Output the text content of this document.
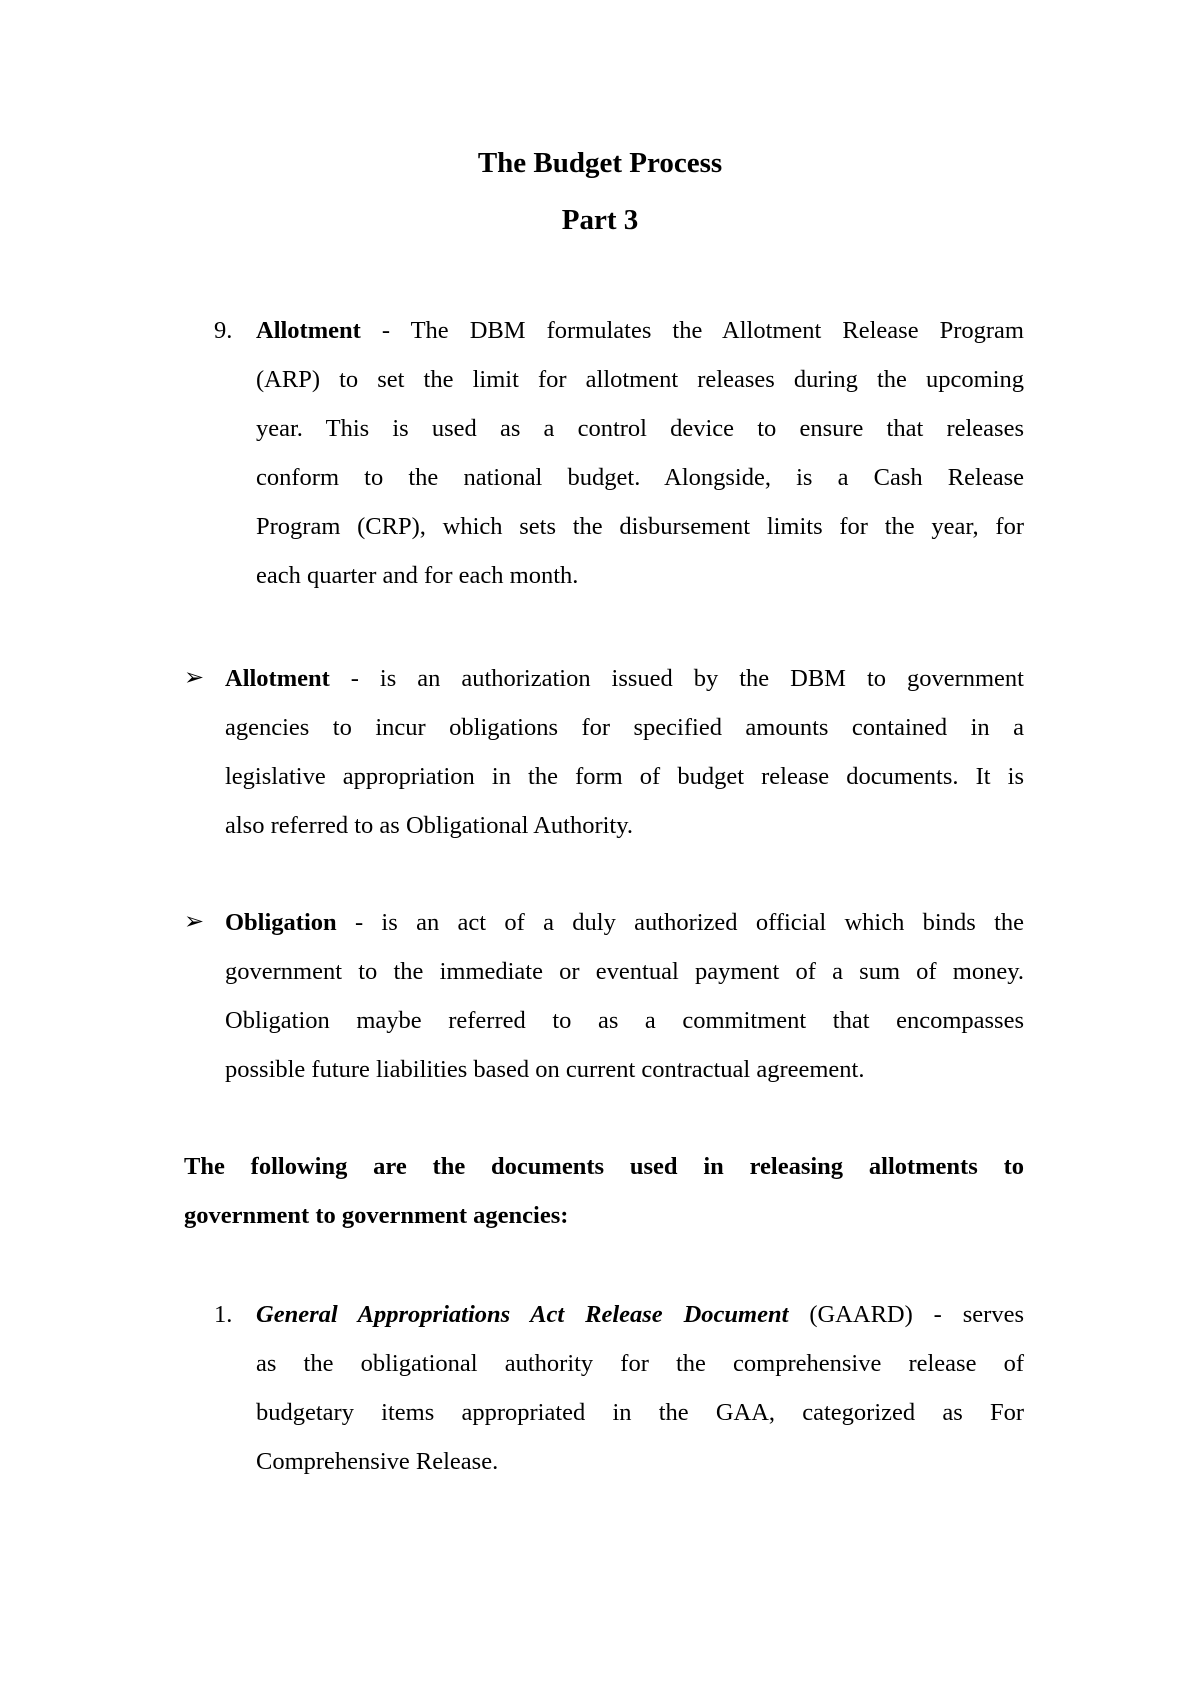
The Budget Process
Part 3
9. Allotment - The DBM formulates the Allotment Release Program
(ARP) to set the limit for allotment releases during the upcoming
year. This is used as a control device to ensure that releases
conform to the national budget. Alongside, is a Cash Release
Program (CRP), which sets the disbursement limits for the year, for
each quarter and for each month.
➢ Allotment - is an authorization issued by the DBM to government
agencies to incur obligations for specified amounts contained in a
legislative appropriation in the form of budget release documents. It is
also referred to as Obligational Authority.
➢ Obligation - is an act of a duly authorized official which binds the
government to the immediate or eventual payment of a sum of money.
Obligation maybe referred to as a commitment that encompasses
possible future liabilities based on current contractual agreement.
The following are the documents used in releasing allotments to
government to government agencies:
1. General Appropriations Act Release Document (GAARD) - serves
as the obligational authority for the comprehensive release of
budgetary items appropriated in the GAA, categorized as For
Comprehensive Release.
